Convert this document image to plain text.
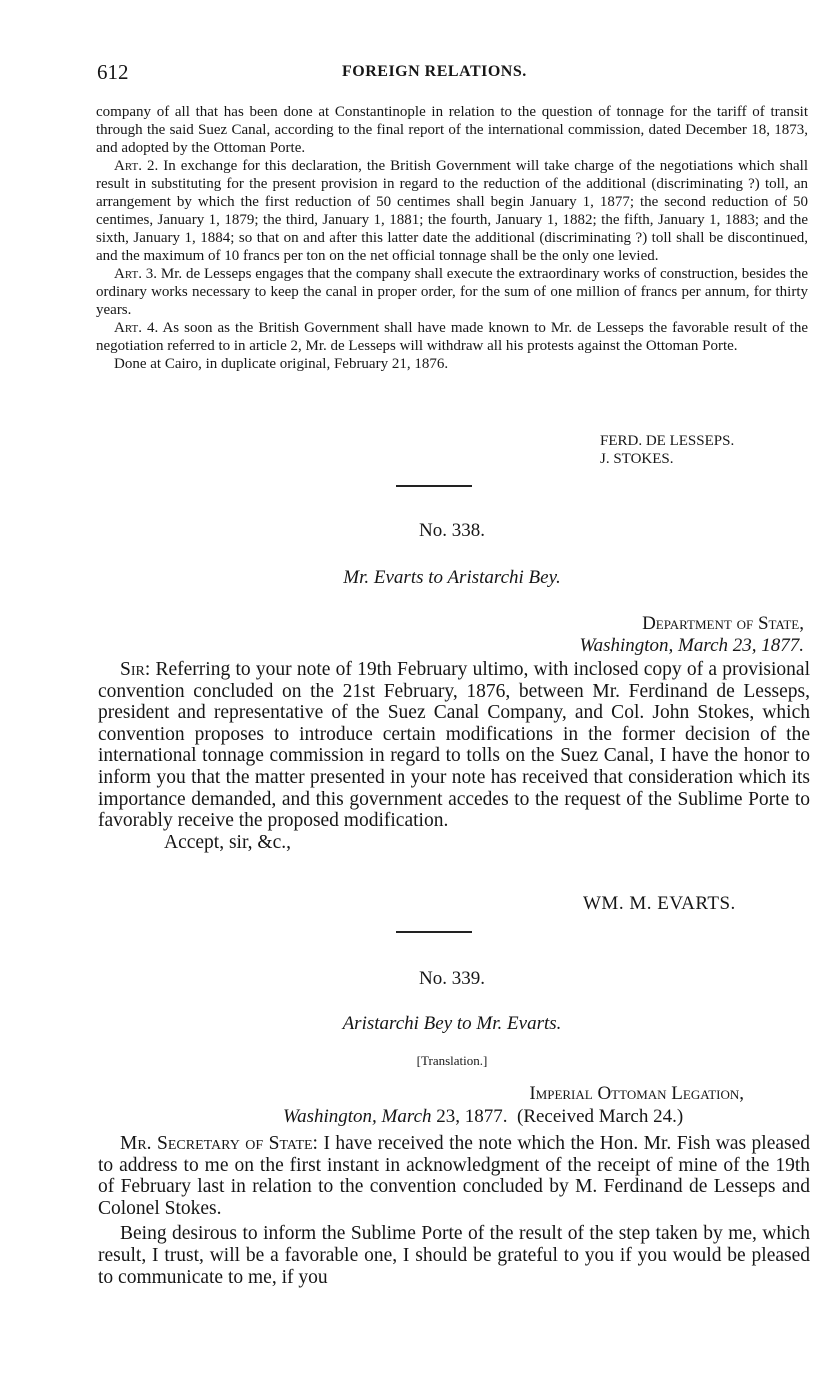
612	FOREIGN RELATIONS.

company of all that has been done at Constantinople in relation to the question of tonnage for the tariff of transit through the said Suez Canal, according to the final report of the international commission, dated December 18, 1873, and adopted by the Ottoman Porte.

Art. 2. In exchange for this declaration, the British Government will take charge of the negotiations which shall result in substituting for the present provision in regard to the reduction of the additional (discriminating ?) toll, an arrangement by which the first reduction of 50 centimes shall begin January 1, 1877; the second reduction of 50 centimes, January 1, 1879; the third, January 1, 1881; the fourth, January 1, 1882; the fifth, January 1, 1883; and the sixth, January 1, 1884; so that on and after this latter date the additional (discriminating ?) toll shall be discontinued, and the maximum of 10 francs per ton on the net official tonnage shall be the only one levied.

Art. 3. Mr. de Lesseps engages that the company shall execute the extraordinary works of construction, besides the ordinary works necessary to keep the canal in proper order, for the sum of one million of francs per annum, for thirty years.

Art. 4. As soon as the British Government shall have made known to Mr. de Lesseps the favorable result of the negotiation referred to in article 2, Mr. de Lesseps will withdraw all his protests against the Ottoman Porte.

Done at Cairo, in duplicate original, February 21, 1876.

FERD. DE LESSEPS.
J. STOKES.
No. 338.
Mr. Evarts to Aristarchi Bey.
Department of State,
Washington, March 23, 1877.

Sir: Referring to your note of 19th February ultimo, with inclosed copy of a provisional convention concluded on the 21st February, 1876, between Mr. Ferdinand de Lesseps, president and representative of the Suez Canal Company, and Col. John Stokes, which convention proposes to introduce certain modifications in the former decision of the international tonnage commission in regard to tolls on the Suez Canal, I have the honor to inform you that the matter presented in your note has received that consideration which its importance demanded, and this government accedes to the request of the Sublime Porte to favorably receive the proposed modification.

Accept, sir, &c.,

WM. M. EVARTS.
No. 339.
Aristarchi Bey to Mr. Evarts.
[Translation.]
Imperial Ottoman Legation,
Washington, March 23, 1877. (Received March 24.)

Mr. Secretary of State: I have received the note which the Hon. Mr. Fish was pleased to address to me on the first instant in acknowledgment of the receipt of mine of the 19th of February last in relation to the convention concluded by M. Ferdinand de Lesseps and Colonel Stokes.

Being desirous to inform the Sublime Porte of the result of the step taken by me, which result, I trust, will be a favorable one, I should be grateful to you if you would be pleased to communicate to me, if you
